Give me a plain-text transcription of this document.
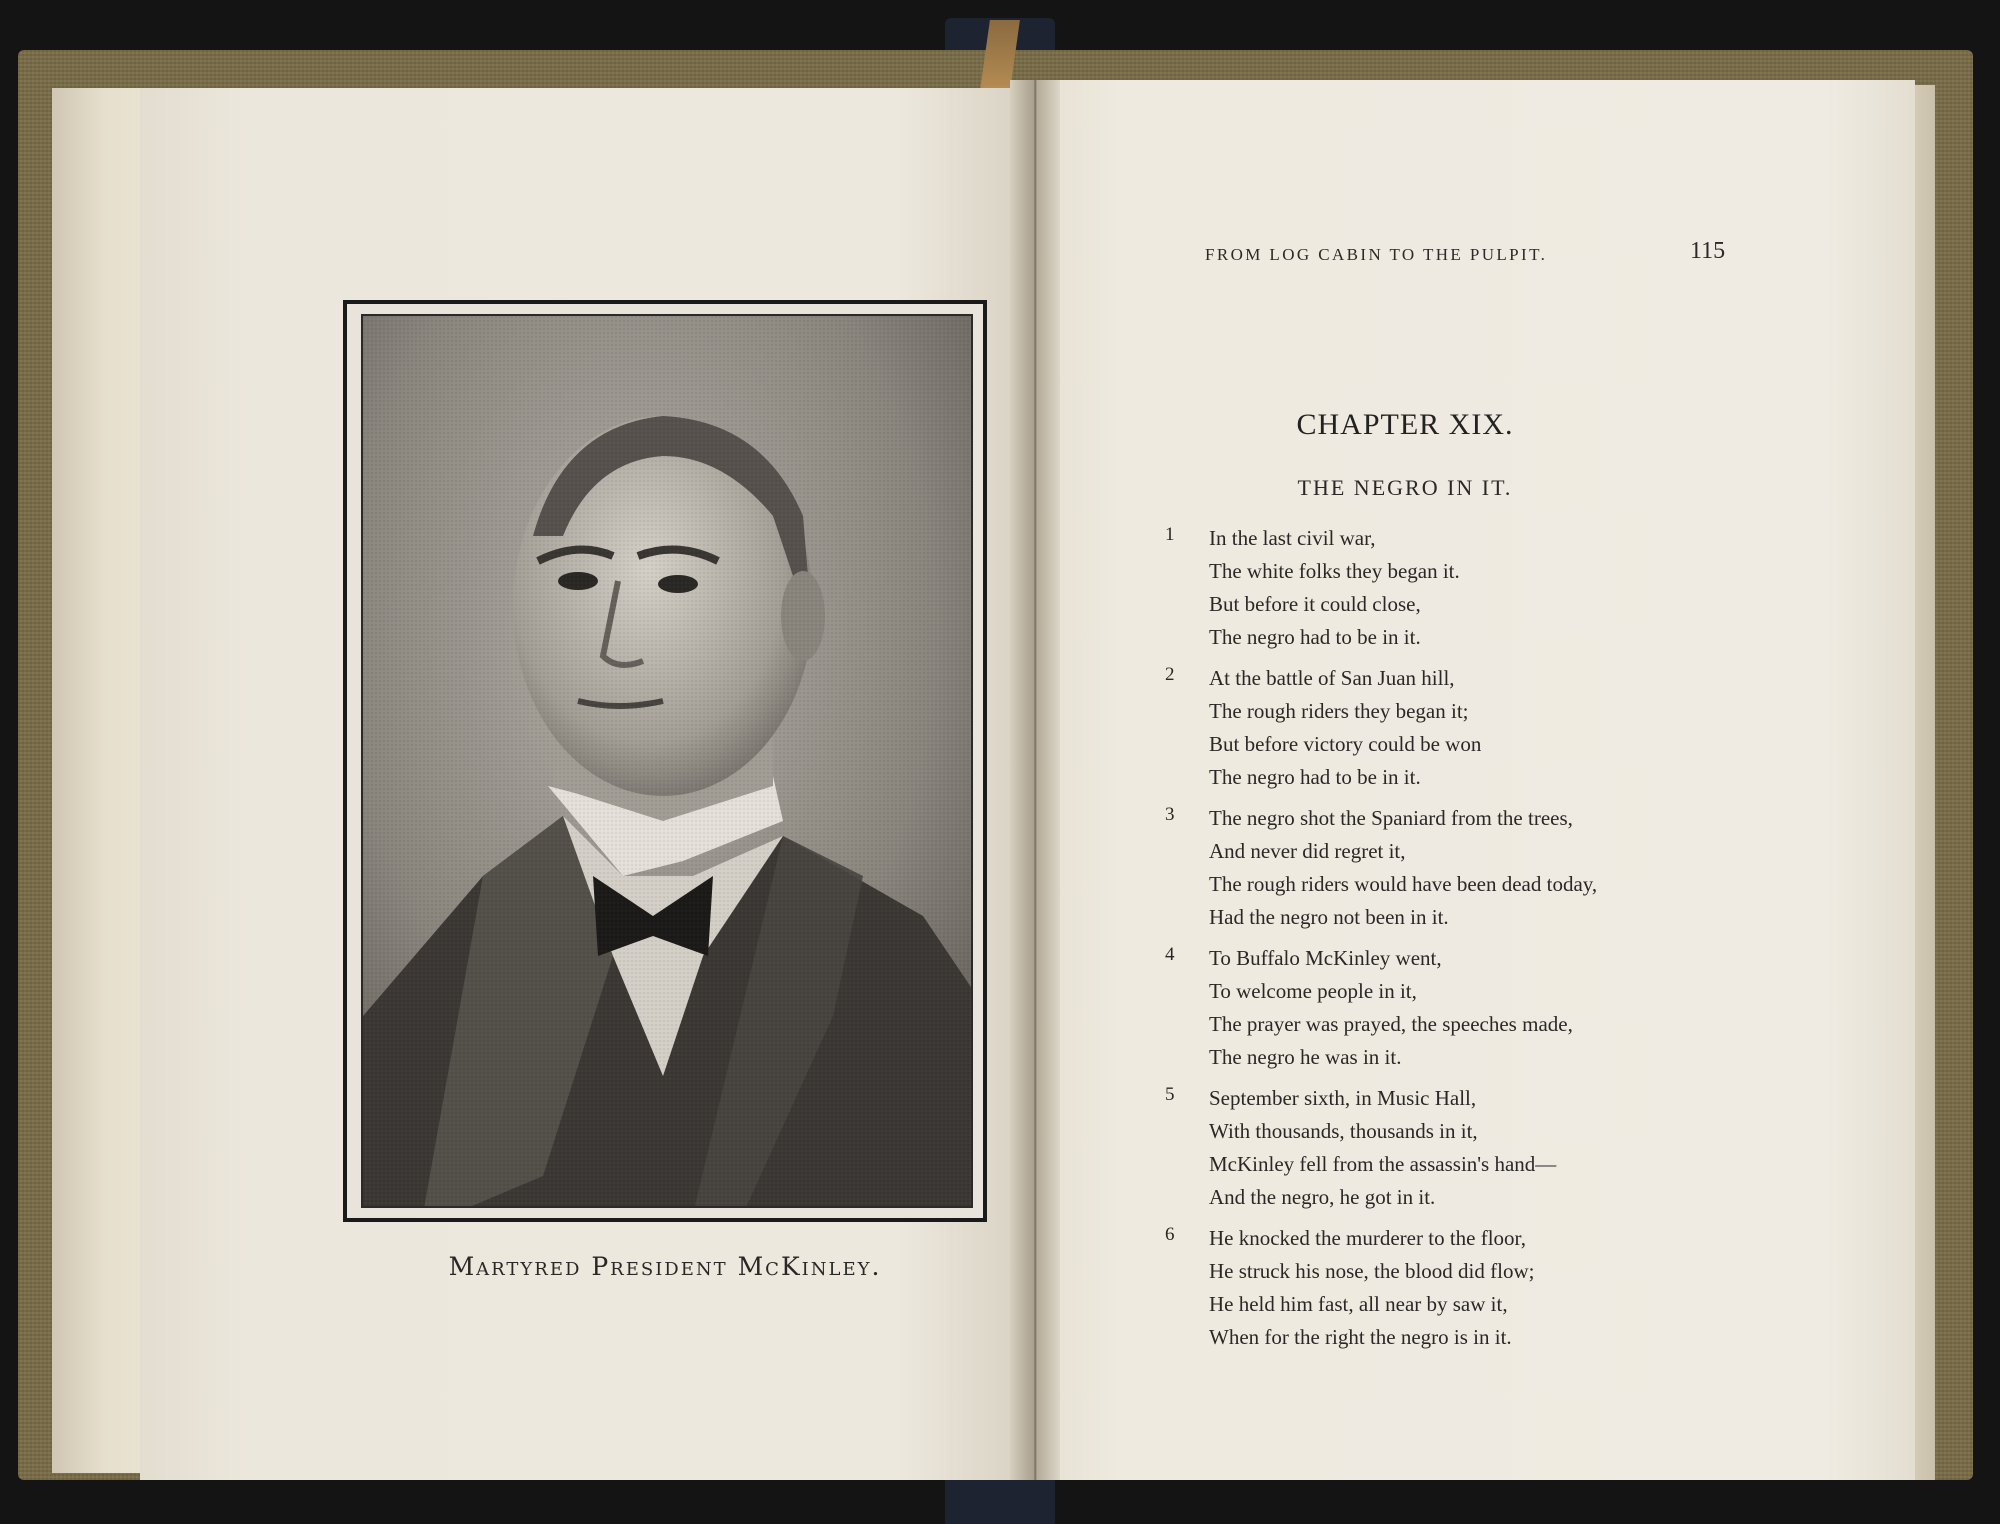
Martyred President McKinley.
FROM LOG CABIN TO THE PULPIT.	115
CHAPTER XIX.
THE NEGRO IN IT.
1	In the last civil war,
The white folks they began it.
But before it could close,
The negro had to be in it.
2	At the battle of San Juan hill,
The rough riders they began it;
But before victory could be won
The negro had to be in it.
3	The negro shot the Spaniard from the trees,
And never did regret it,
The rough riders would have been dead today,
Had the negro not been in it.
4	To Buffalo McKinley went,
To welcome people in it,
The prayer was prayed, the speeches made,
The negro he was in it.
5	September sixth, in Music Hall,
With thousands, thousands in it,
McKinley fell from the assassin's hand—
And the negro, he got in it.
6	He knocked the murderer to the floor,
He struck his nose, the blood did flow;
He held him fast, all near by saw it,
When for the right the negro is in it.
